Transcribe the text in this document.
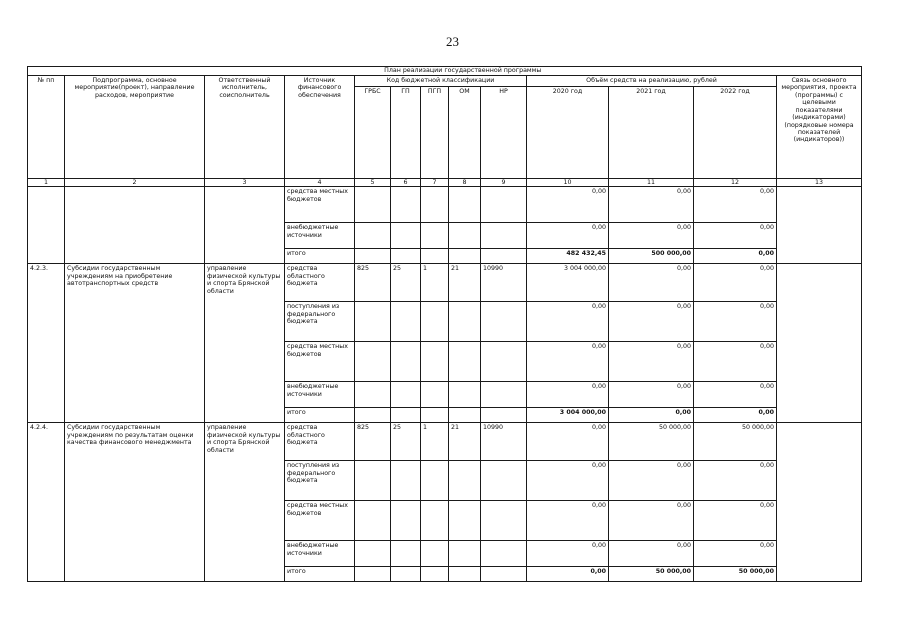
23
	План реализации государственной программы											
№ пп	Подпрограмма, основное мероприятие(проект), направление расходов, мероприятие	Ответственный исполнитель, соисполнитель	Источник финансового обеспечения	Код бюджетной классификации					Объём средств на реализацию, рублей			Связь основного мероприятия, проекта (программы) с целевыми показателями (индикаторами) (порядковые номера показателей (индикаторов))
				ГРБС	ГП	ПГП	ОМ	НР	2020 год	2021 год	2022 год	
1	2	3	4	5	6	7	8	9	10	11	12	13
			средства местных бюджетов						0,00	0,00	0,00	
			внебюджетные источники						0,00	0,00	0,00	
			итого						482 432,45	500 000,00	0,00	
4.2.3.	Субсидии государственным учреждениям на приобретение автотранспортных средств	управление физической культуры и спорта Брянской области	средства областного бюджета	825	25	1	21	10990	3 004 000,00	0,00	0,00	
			поступления из федерального бюджета						0,00	0,00	0,00	
			средства местных бюджетов						0,00	0,00	0,00	
			внебюджетные источники						0,00	0,00	0,00	
			итого						3 004 000,00	0,00	0,00	
4.2.4.	Субсидии государственным учреждениям по результатам оценки качества финансового менеджмента	управление физической культуры и спорта Брянской области	средства областного бюджета	825	25	1	21	10990	0,00	50 000,00	50 000,00	
			поступления из федерального бюджета						0,00	0,00	0,00	
			средства местных бюджетов						0,00	0,00	0,00	
			внебюджетные источники						0,00	0,00	0,00	
			итого						0,00	50 000,00	50 000,00	
